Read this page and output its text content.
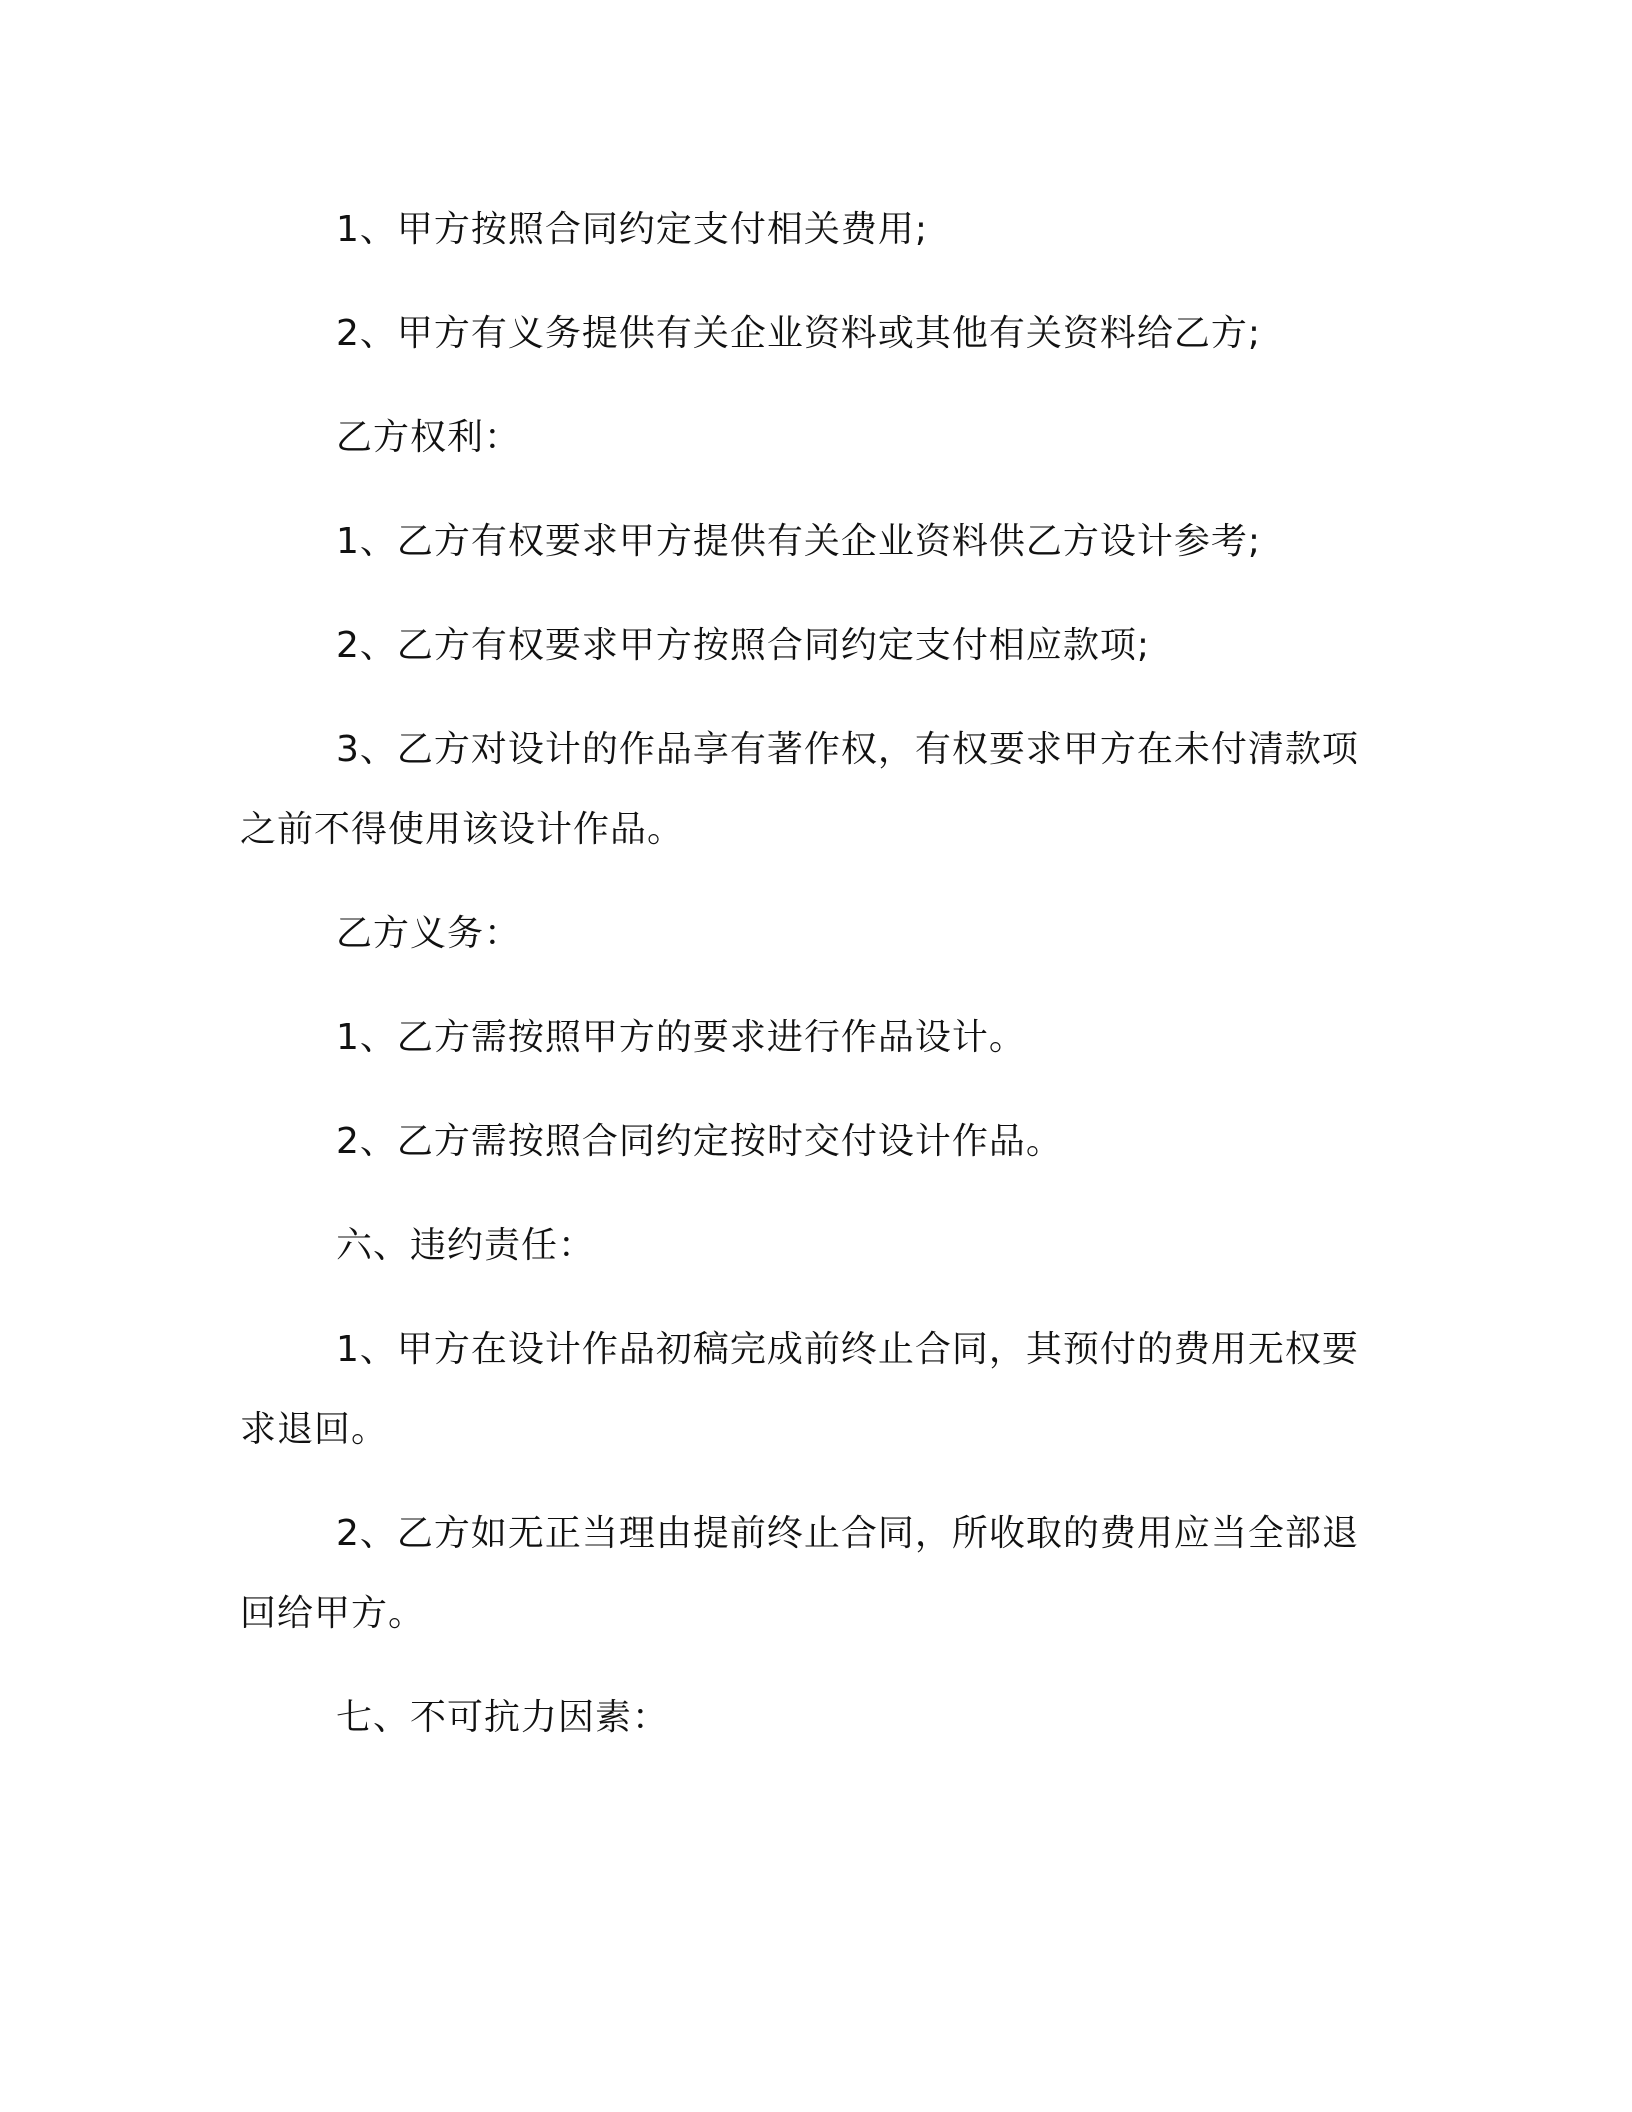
1、甲方按照合同约定支付相关费用;

2、甲方有义务提供有关企业资料或其他有关资料给乙方;

乙方权利：

1、乙方有权要求甲方提供有关企业资料供乙方设计参考;

2、乙方有权要求甲方按照合同约定支付相应款项;

3、乙方对设计的作品享有著作权，有权要求甲方在未付清款项之前不得使用该设计作品。

乙方义务：

1、乙方需按照甲方的要求进行作品设计。

2、乙方需按照合同约定按时交付设计作品。

六、违约责任：

1、甲方在设计作品初稿完成前终止合同，其预付的费用无权要求退回。

2、乙方如无正当理由提前终止合同，所收取的费用应当全部退回给甲方。

七、不可抗力因素：
